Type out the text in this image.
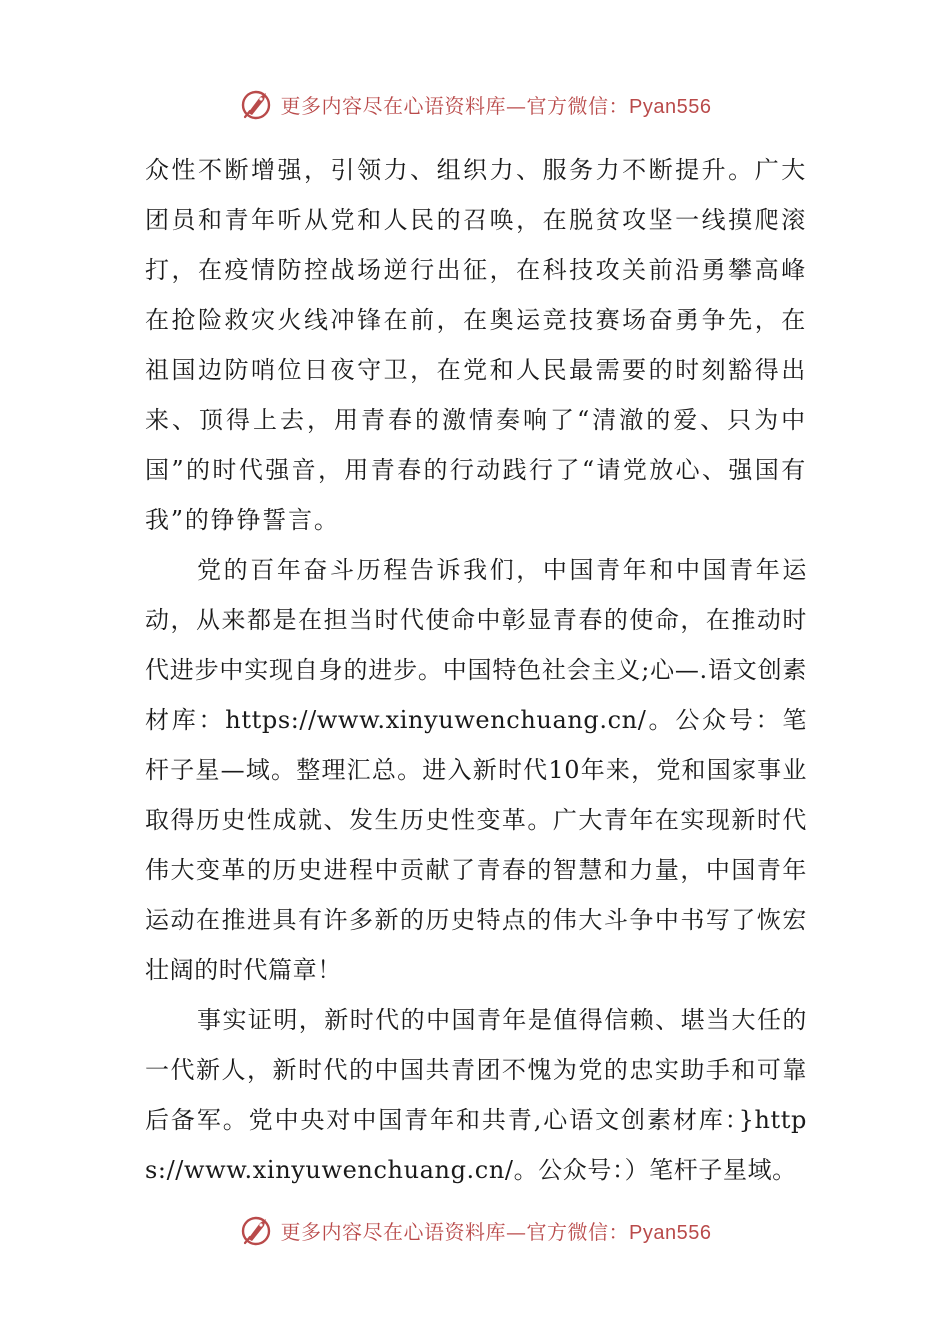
更多内容尽在心语资料库—官方微信：Pyan556

众性不断增强，引领力、组织力、服务力不断提升。广大团员和青年听从党和人民的召唤，在脱贫攻坚一线摸爬滚打，在疫情防控战场逆行出征，在科技攻关前沿勇攀高峰在抢险救灾火线冲锋在前，在奥运竞技赛场奋勇争先，在祖国边防哨位日夜守卫，在党和人民最需要的时刻豁得出来、顶得上去，用青春的激情奏响了“清澈的爱、只为中国”的时代强音，用青春的行动践行了“请党放心、强国有我”的铮铮誓言。

党的百年奋斗历程告诉我们，中国青年和中国青年运动，从来都是在担当时代使命中彰显青春的使命，在推动时代进步中实现自身的进步。中国特色社会主义;心—.语文创素材库：https://www.xinyuwenchuang.cn/。公众号：笔杆子星—域。整理汇总。进入新时代10年来，党和国家事业取得历史性成就、发生历史性变革。广大青年在实现新时代伟大变革的历史进程中贡献了青春的智慧和力量，中国青年运动在推进具有许多新的历史特点的伟大斗争中书写了恢宏壮阔的时代篇章！

事实证明，新时代的中国青年是值得信赖、堪当大任的一代新人，新时代的中国共青团不愧为党的忠实助手和可靠后备军。党中央对中国青年和共青,心语文创素材库：}https://www.xinyuwenchuang.cn/。公众号：）笔杆子星域。

更多内容尽在心语资料库—官方微信：Pyan556
